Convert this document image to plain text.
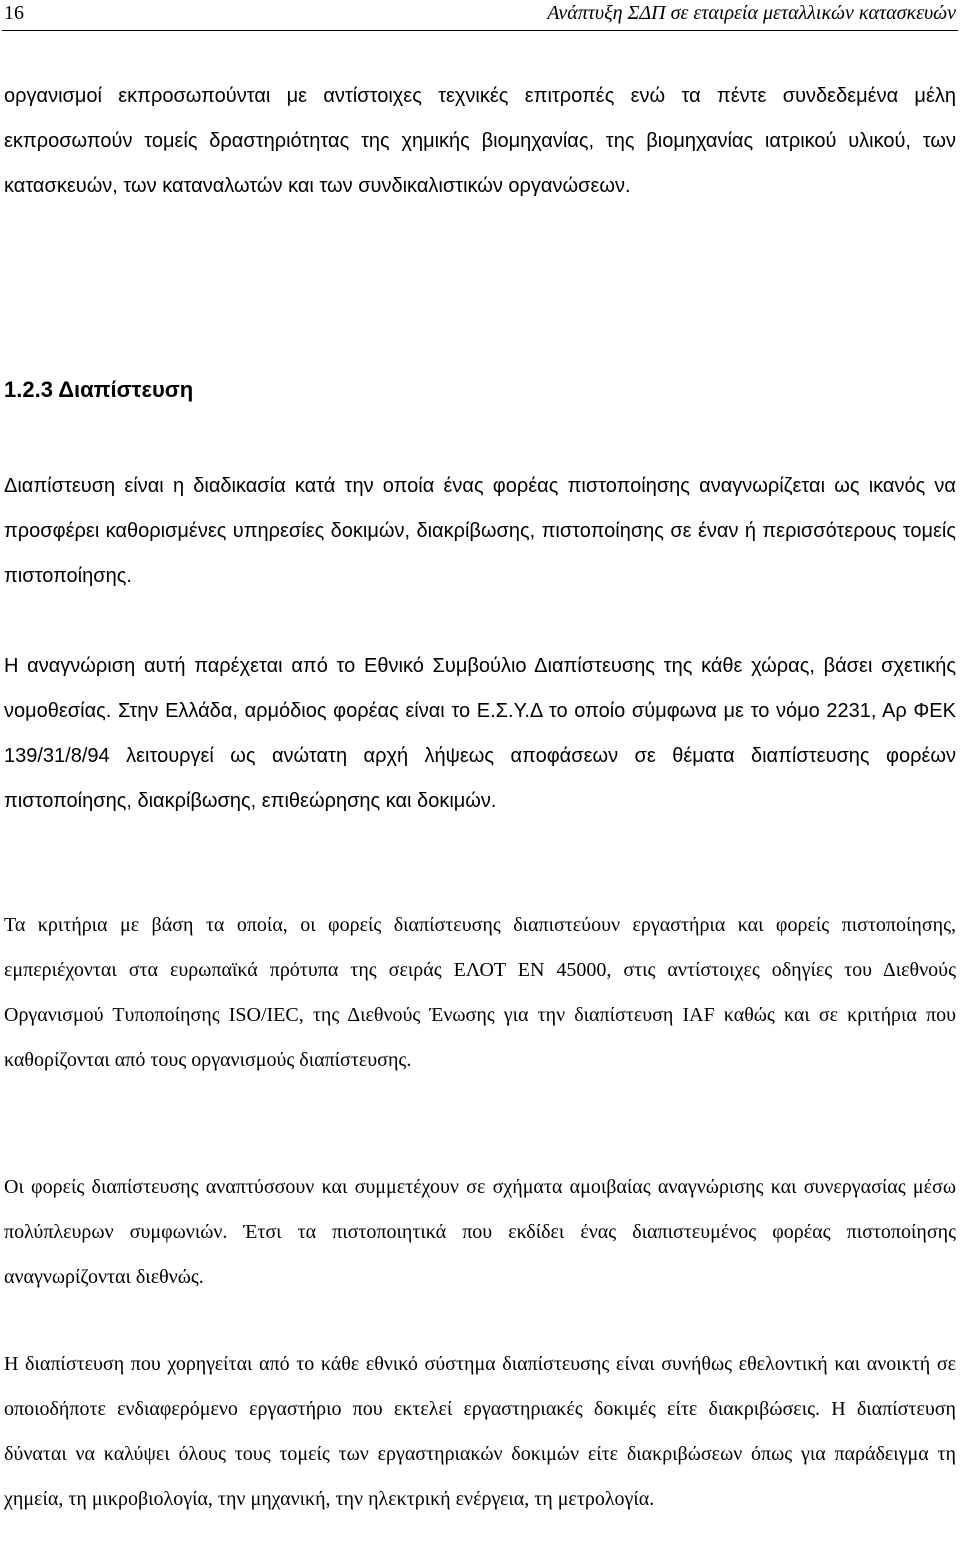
16	Ανάπτυξη ΣΔΠ σε εταιρεία μεταλλικών κατασκευών

οργανισμοί εκπροσωπούνται με αντίστοιχες τεχνικές επιτροπές ενώ τα πέντε συνδεδεμένα μέλη εκπροσωπούν τομείς δραστηριότητας της χημικής βιομηχανίας, της βιομηχανίας ιατρικού υλικού, των κατασκευών, των καταναλωτών και των συνδικαλιστικών οργανώσεων.

1.2.3 Διαπίστευση

Διαπίστευση είναι η διαδικασία κατά την οποία ένας φορέας πιστοποίησης αναγνωρίζεται ως ικανός να προσφέρει καθορισμένες υπηρεσίες δοκιμών, διακρίβωσης, πιστοποίησης σε έναν ή περισσότερους τομείς πιστοποίησης.

Η αναγνώριση αυτή παρέχεται από το Εθνικό Συμβούλιο Διαπίστευσης της κάθε χώρας, βάσει σχετικής νομοθεσίας. Στην Ελλάδα, αρμόδιος φορέας είναι το Ε.Σ.Υ.Δ το οποίο σύμφωνα με το νόμο 2231, Αρ ΦΕΚ 139/31/8/94 λειτουργεί ως ανώτατη αρχή λήψεως αποφάσεων σε θέματα διαπίστευσης φορέων πιστοποίησης, διακρίβωσης, επιθεώρησης και δοκιμών.

Τα κριτήρια με βάση τα οποία, οι φορείς διαπίστευσης διαπιστεύουν εργαστήρια και φορείς πιστοποίησης, εμπεριέχονται στα ευρωπαϊκά πρότυπα της σειράς ΕΛΟΤ ΕΝ 45000, στις αντίστοιχες οδηγίες του Διεθνούς Οργανισμού Τυποποίησης ISO/IEC, της Διεθνούς Ένωσης για την διαπίστευση IAF καθώς και σε κριτήρια που καθορίζονται από τους οργανισμούς διαπίστευσης.

Οι φορείς διαπίστευσης αναπτύσσουν και συμμετέχουν σε σχήματα αμοιβαίας αναγνώρισης και συνεργασίας μέσω πολύπλευρων συμφωνιών. Έτσι τα πιστοποιητικά που εκδίδει ένας διαπιστευμένος φορέας πιστοποίησης αναγνωρίζονται διεθνώς.

Η διαπίστευση που χορηγείται από το κάθε εθνικό σύστημα διαπίστευσης είναι συνήθως εθελοντική και ανοικτή σε οποιοδήποτε ενδιαφερόμενο εργαστήριο που εκτελεί εργαστηριακές δοκιμές είτε διακριβώσεις. Η διαπίστευση δύναται να καλύψει όλους τους τομείς των εργαστηριακών δοκιμών είτε διακριβώσεων όπως για παράδειγμα τη χημεία, τη μικροβιολογία, την μηχανική, την ηλεκτρική ενέργεια, τη μετρολογία.
